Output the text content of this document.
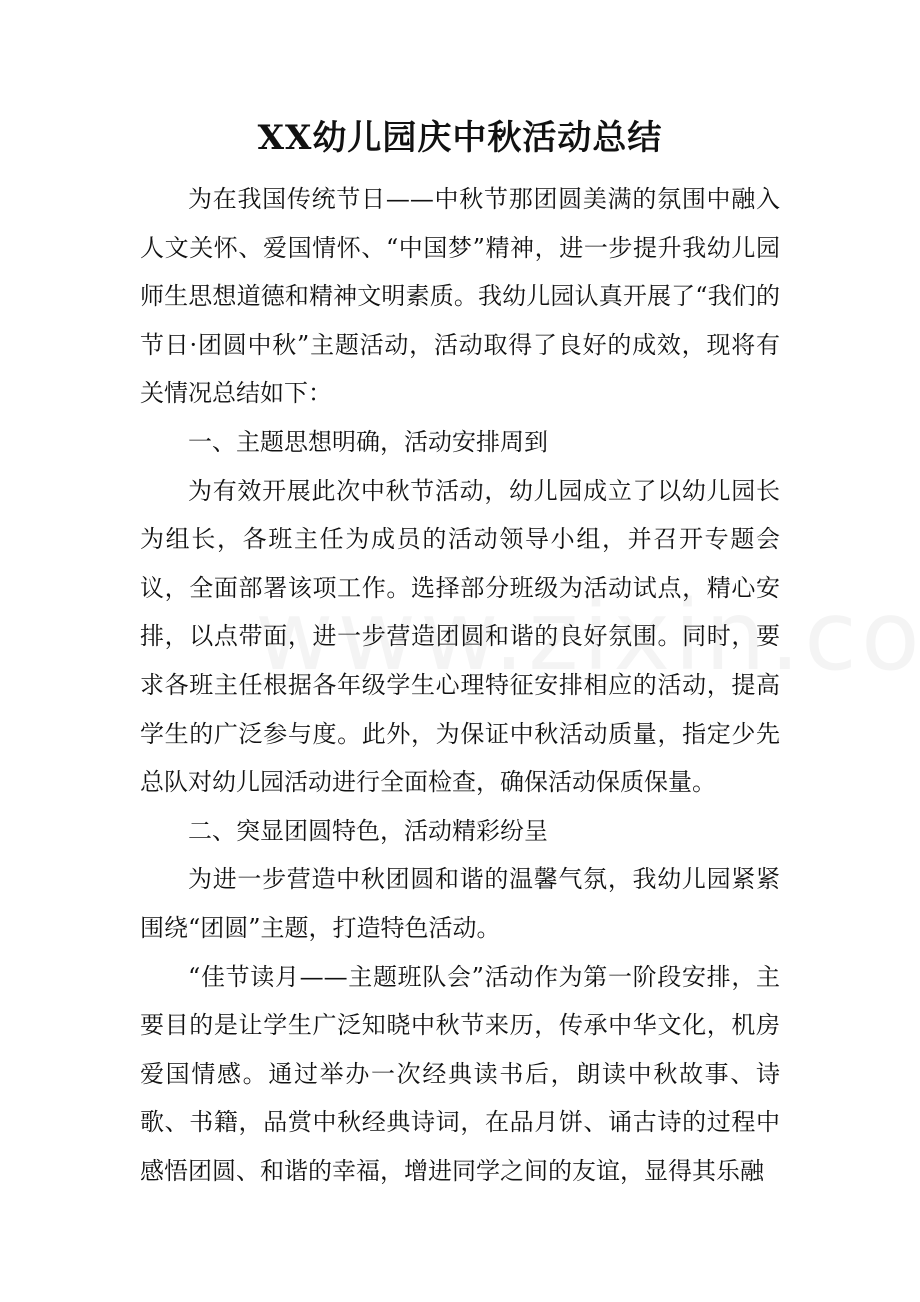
XX幼儿园庆中秋活动总结

为在我国传统节日——中秋节那团圆美满的氛围中融入人文关怀、爱国情怀、“中国梦”精神，进一步提升我幼儿园师生思想道德和精神文明素质。我幼儿园认真开展了“我们的节日·团圆中秋”主题活动，活动取得了良好的成效，现将有关情况总结如下：

一、主题思想明确，活动安排周到

为有效开展此次中秋节活动，幼儿园成立了以幼儿园长为组长，各班主任为成员的活动领导小组，并召开专题会议，全面部署该项工作。选择部分班级为活动试点，精心安排，以点带面，进一步营造团圆和谐的良好氛围。同时，要求各班主任根据各年级学生心理特征安排相应的活动，提高学生的广泛参与度。此外，为保证中秋活动质量，指定少先总队对幼儿园活动进行全面检查，确保活动保质保量。

二、突显团圆特色，活动精彩纷呈

为进一步营造中秋团圆和谐的温馨气氛，我幼儿园紧紧围绕“团圆”主题，打造特色活动。

“佳节读月——主题班队会”活动作为第一阶段安排，主要目的是让学生广泛知晓中秋节来历，传承中华文化，机房爱国情感。通过举办一次经典读书后，朗读中秋故事、诗歌、书籍，品赏中秋经典诗词，在品月饼、诵古诗的过程中感悟团圆、和谐的幸福，增进同学之间的友谊，显得其乐融
